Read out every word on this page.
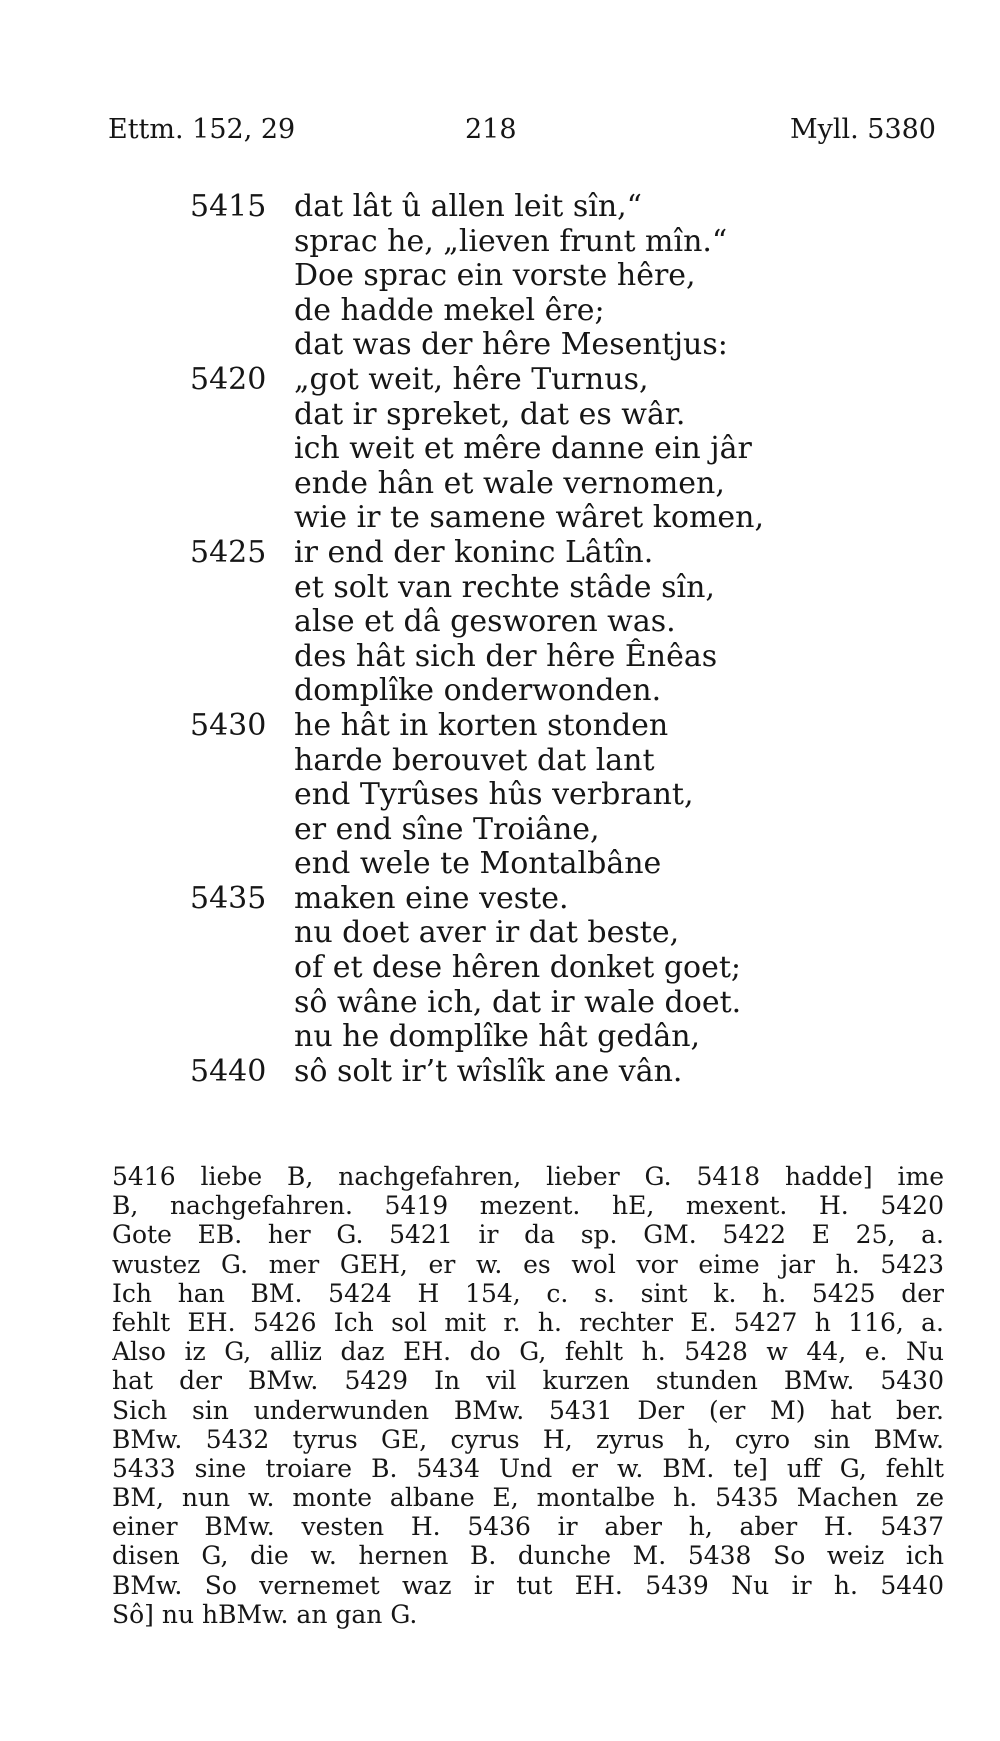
Ettm. 152, 29	218	Myll. 5380
5415 dat lât û allen leit sîn,“
sprac he, „lieven frunt mîn.“
Doe sprac ein vorste hêre,
de hadde mekel êre;
dat was der hêre Mesentjus:
5420 „got weit, hêre Turnus,
dat ir spreket, dat es wâr.
ich weit et mêre danne ein jâr
ende hân et wale vernomen,
wie ir te samene wâret komen,
5425 ir end der koninc Lâtîn.
et solt van rechte stâde sîn,
alse et dâ gesworen was.
des hât sich der hêre Ênêas
domplîke onderwonden.
5430 he hât in korten stonden
harde berouvet dat lant
end Tyrûses hûs verbrant,
er end sîne Troiâne,
end wele te Montalbâne
5435 maken eine veste.
nu doet aver ir dat beste,
of et dese hêren donket goet;
sô wâne ich, dat ir wale doet.
nu he domplîke hât gedân,
5440 sô solt ir’t wîslîk ane vân.
5416 liebe B, nachgefahren, lieber G. 5418 hadde] ime
B, nachgefahren. 5419 mezent. hE, mexent. H. 5420
Gote EB. her G. 5421 ir da sp. GM. 5422 E 25, a.
wustez G. mer GEH, er w. es wol vor eime jar h. 5423
Ich han BM. 5424 H 154, c. s. sint k. h. 5425 der
fehlt EH. 5426 Ich sol mit r. h. rechter E. 5427 h 116, a.
Also iz G, alliz daz EH. do G, fehlt h. 5428 w 44, e. Nu
hat der BMw. 5429 In vil kurzen stunden BMw. 5430
Sich sin underwunden BMw. 5431 Der (er M) hat ber.
BMw. 5432 tyrus GE, cyrus H, zyrus h, cyro sin BMw.
5433 sine troiare B. 5434 Und er w. BM. te] uff G, fehlt
BM, nun w. monte albane E, montalbe h. 5435 Machen ze
einer BMw. vesten H. 5436 ir aber h, aber H. 5437
disen G, die w. hernen B. dunche M. 5438 So weiz ich
BMw. So vernemet waz ir tut EH. 5439 Nu ir h. 5440
Sô] nu hBMw. an gan G.
